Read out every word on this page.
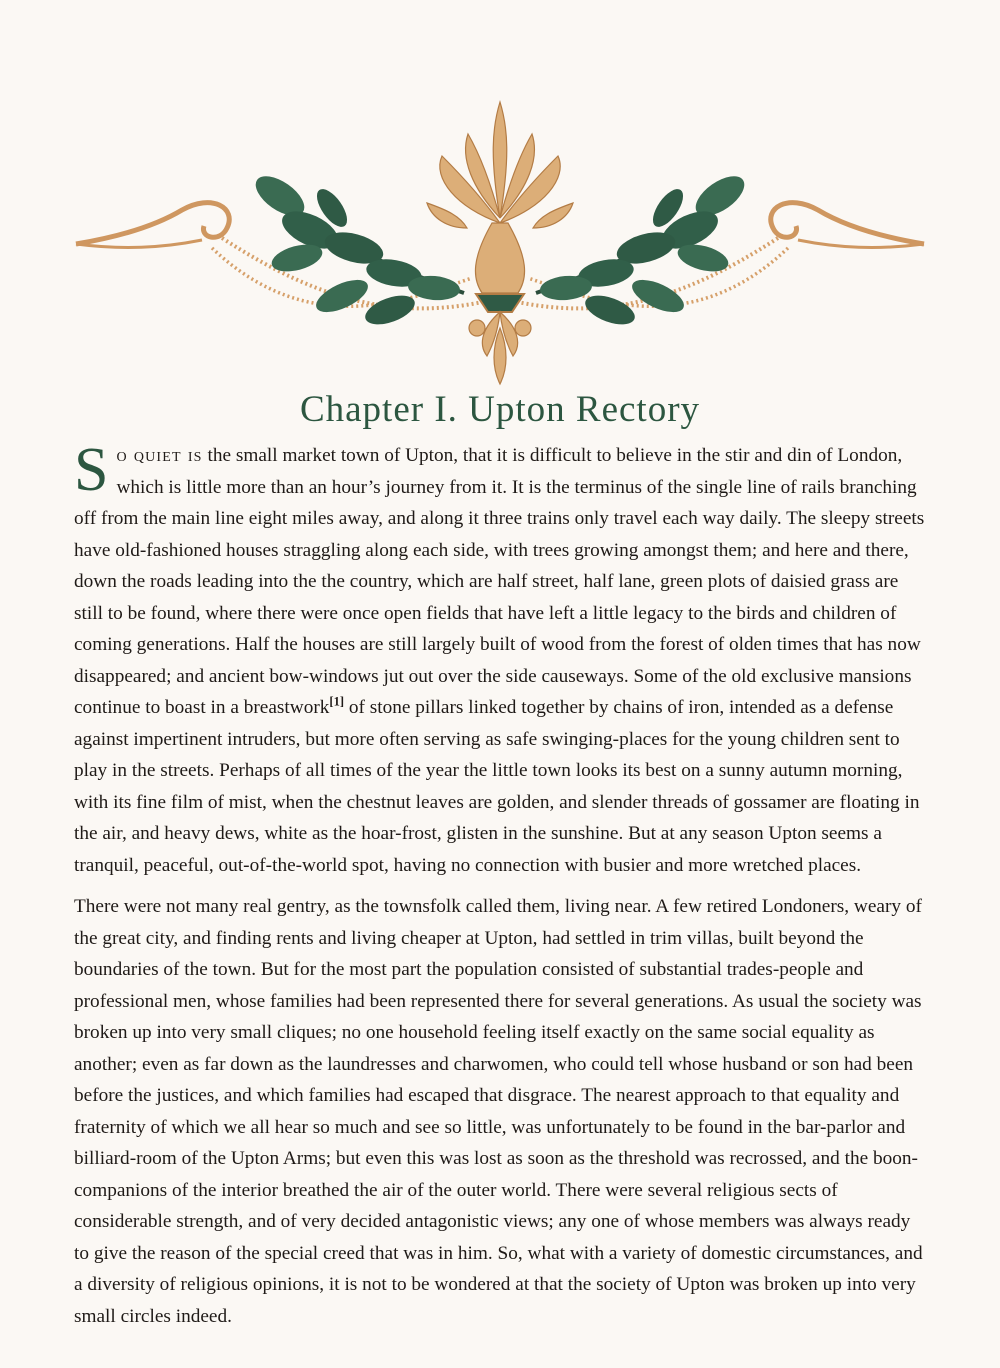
Chapter I. Upton Rectory

So quiet is the small market town of Upton, that it is difficult to believe in the stir and din of London, which is little more than an hour’s journey from it. It is the terminus of the single line of rails branching off from the main line eight miles away, and along it three trains only travel each way daily. The sleepy streets have old-fashioned houses straggling along each side, with trees growing amongst them; and here and there, down the roads leading into the the country, which are half street, half lane, green plots of daisied grass are still to be found, where there were once open fields that have left a little legacy to the birds and children of coming generations. Half the houses are still largely built of wood from the forest of olden times that has now disappeared; and ancient bow-windows jut out over the side causeways. Some of the old exclusive mansions continue to boast in a breastwork[1] of stone pillars linked together by chains of iron, intended as a defense against impertinent intruders, but more often serving as safe swinging-places for the young children sent to play in the streets. Perhaps of all times of the year the little town looks its best on a sunny autumn morning, with its fine film of mist, when the chestnut leaves are golden, and slender threads of gossamer are floating in the air, and heavy dews, white as the hoar-frost, glisten in the sunshine. But at any season Upton seems a tranquil, peaceful, out-of-the-world spot, having no connection with busier and more wretched places.

There were not many real gentry, as the townsfolk called them, living near. A few retired Londoners, weary of the great city, and finding rents and living cheaper at Upton, had settled in trim villas, built beyond the boundaries of the town. But for the most part the population consisted of substantial trades-people and professional men, whose families had been represented there for several generations. As usual the society was broken up into very small cliques; no one household feeling itself exactly on the same social equality as another; even as far down as the laundresses and charwomen, who could tell whose husband or son had been before the justices, and which families had escaped that disgrace. The nearest approach to that equality and fraternity of which we all hear so much and see so little, was unfortunately to be found in the bar-parlor and billiard-room of the Upton Arms; but even this was lost as soon as the threshold was recrossed, and the boon-companions of the interior breathed the air of the outer world. There were several religious sects of considerable strength, and of very decided antagonistic views; any one of whose members was always ready to give the reason of the special creed that was in him. So, what with a variety of domestic circumstances, and a diversity of religious opinions, it is not to be wondered at that the society of Upton was broken up into very small circles indeed.
